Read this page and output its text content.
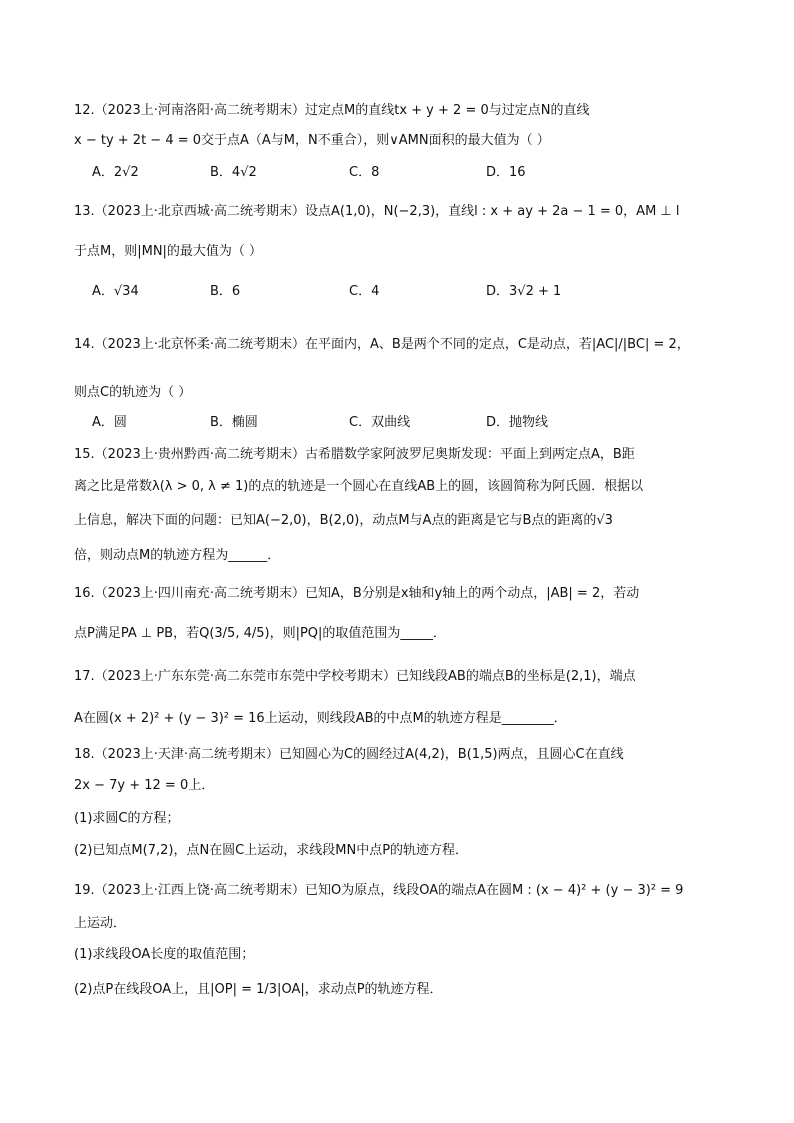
12.（2023上·河南洛阳·高二统考期末）过定点M的直线tx + y + 2 = 0与过定点N的直线
x − ty + 2t − 4 = 0交于点A（A与M，N不重合），则∨AMN面积的最大值为（ ）
A．2√2	B．4√2	C．8	D．16
13.（2023上·北京西城·高二统考期末）设点A(1,0)，N(−2,3)，直线l : x + ay + 2a − 1 = 0，AM ⊥ l
于点M，则|MN|的最大值为（ ）
A．√34	B．6	C．4	D．3√2 + 1
14.（2023上·北京怀柔·高二统考期末）在平面内，A、B是两个不同的定点，C是动点，若|AC|/|BC| = 2，
则点C的轨迹为（ ）
A．圆	B．椭圆	C．双曲线	D．抛物线
15.（2023上·贵州黔西·高二统考期末）古希腊数学家阿波罗尼奥斯发现：平面上到两定点A，B距
离之比是常数λ(λ > 0, λ ≠ 1)的点的轨迹是一个圆心在直线AB上的圆，该圆简称为阿氏圆．根据以
上信息，解决下面的问题：已知A(−2,0)，B(2,0)，动点M与A点的距离是它与B点的距离的√3
倍，则动点M的轨迹方程为______．
16.（2023上·四川南充·高二统考期末）已知A，B分别是x轴和y轴上的两个动点，|AB| = 2，若动
点P满足PA ⊥ PB，若Q(3/5, 4/5)，则|PQ|的取值范围为_____．
17.（2023上·广东东莞·高二东莞市东莞中学校考期末）已知线段AB的端点B的坐标是(2,1)，端点
A在圆(x + 2)² + (y − 3)² = 16上运动，则线段AB的中点M的轨迹方程是________．
18.（2023上·天津·高二统考期末）已知圆心为C的圆经过A(4,2)，B(1,5)两点，且圆心C在直线
2x − 7y + 12 = 0上．
(1)求圆C的方程；
(2)已知点M(7,2)，点N在圆C上运动，求线段MN中点P的轨迹方程．
19.（2023上·江西上饶·高二统考期末）已知O为原点，线段OA的端点A在圆M : (x − 4)² + (y − 3)² = 9
上运动．
(1)求线段OA长度的取值范围；
(2)点P在线段OA上，且|OP| = 1/3|OA|，求动点P的轨迹方程．
